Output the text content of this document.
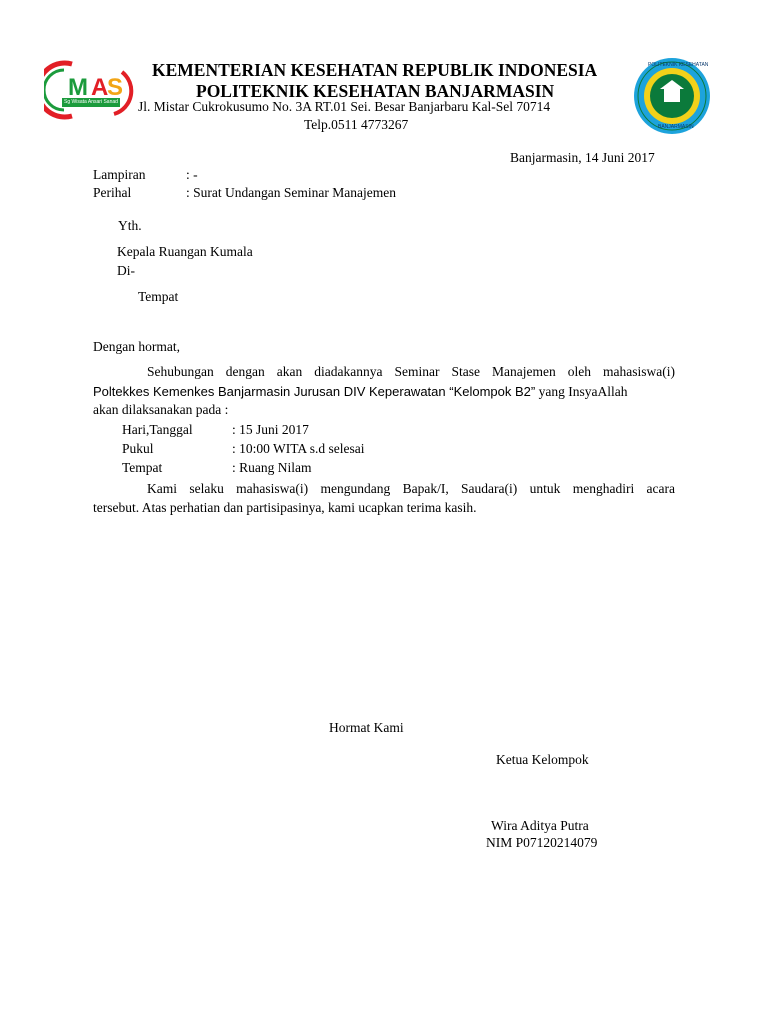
M A
S
Sg Wisata Ansari Sanad
POLITEKNIK KESEHATAN
BANJARMASIN
KEMENTERIAN KESEHATAN REPUBLIK INDONESIA
POLITEKNIK KESEHATAN BANJARMASIN
Jl. Mistar Cukrokusumo No. 3A RT.01 Sei. Besar Banjarbaru Kal-Sel 70714
Telp.0511 4773267
Banjarmasin, 14 Juni 2017
Lampiran	: -
Perihal	: Surat Undangan Seminar Manajemen
Yth.
Kepala Ruangan Kumala
Di-
Tempat
Dengan hormat,
Sehubungan dengan akan diadakannya Seminar Stase Manajemen oleh mahasiswa(i)
Poltekkes Kemenkes Banjarmasin Jurusan DIV Keperawatan “Kelompok B2” yang InsyaAllah
akan dilaksanakan pada :
Hari,Tanggal	: 15 Juni 2017
Pukul	: 10:00 WITA s.d selesai
Tempat	: Ruang Nilam
Kami selaku mahasiswa(i) mengundang Bapak/I, Saudara(i) untuk menghadiri acara
tersebut. Atas perhatian dan partisipasinya, kami ucapkan terima kasih.
Hormat Kami
Ketua Kelompok
Wira Aditya Putra
NIM P07120214079
